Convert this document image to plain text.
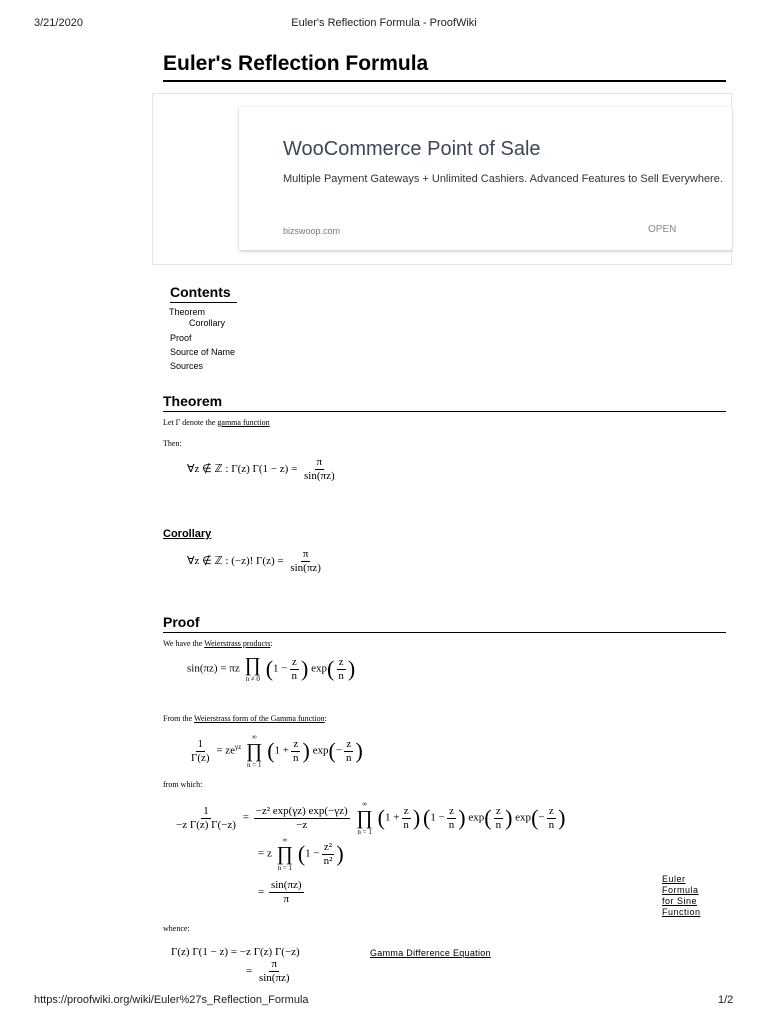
3/21/2020	Euler's Reflection Formula - ProofWiki
Euler's Reflection Formula
WooCommerce Point of Sale
Multiple Payment Gateways + Unlimited Cashiers. Advanced Features to Sell Everywhere.
bizswoop.com	OPEN
Contents
Theorem
Corollary
Proof
Source of Name
Sources
Theorem
Let Γ denote the gamma function
Then:
∀z ∉ ℤ : Γ(z) $\Gamma(1 - z) = \frac{\pi}{\sin(\pi z)}$
Corollary
∀z ∉ ℤ : (−z)! $\Gamma(z) = \frac{\pi}{\sin(\pi z)}$
Proof
We have the Weierstrass products:
sin(πz) = πz ∏
n ≠ 0 ($1 - \frac{z}{n}$ ) $\exp( \frac{z}{n}$ )
From the Weierstrass form of the Gamma function:
$\frac{1}{\Gamma(z)} = ze^{\gamma z}$
∞
∏
n = 1
($1 + \frac{z}{n}$ ) $\exp(- \frac{z}{n}$ )
from which:
$\frac{1}{\text{−z Γ(z) Γ(−z)}} = \frac{\text{−z² exp(γz) exp(−γz)}}{-z}$

∞
∏
n = 1
($1 + \frac{z}{n}$ ) ($1 - \frac{z}{n}$ ) $\exp( \frac{z}{n}$ ) $\exp(- \frac{z}{n}$ )
= z
∞
∏
n = 1
($1 - \frac{\text{z²}}{\text{n²}}$ )
= $\frac{\sin(\pi z)}{\pi}$	Euler Formula for Sine Function
whence:
Γ(z) Γ(1 − z) = −z Γ(z) Γ(−z)	Gamma Difference Equation
= $\frac{\pi}{\sin(\pi z)}$
https://proofwiki.org/wiki/Euler%27s_Reflection_Formula	1/2
